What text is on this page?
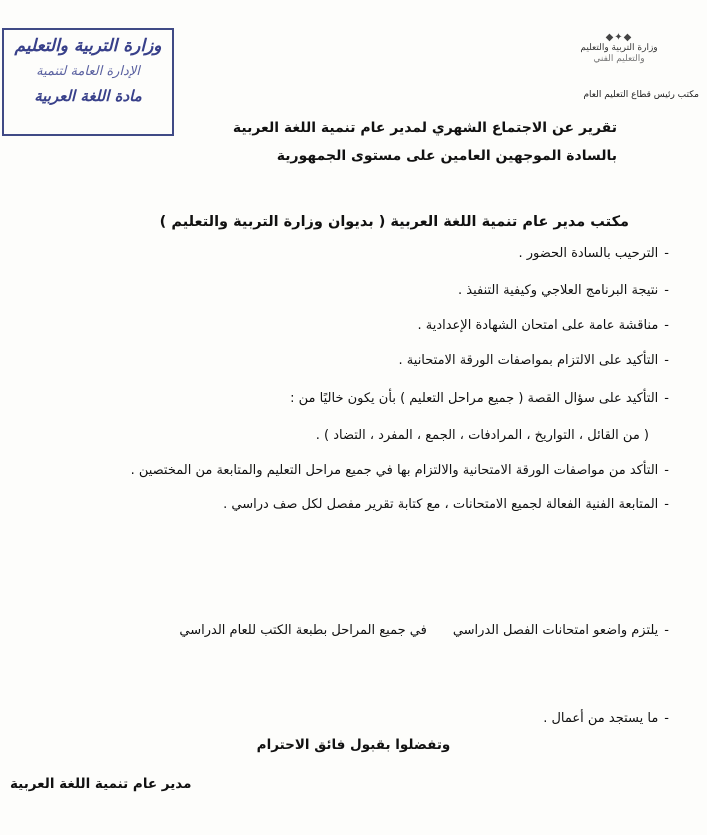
وزارة التربية والتعليم
الإدارة العامة لتنمية
مادة اللغة العربية
◆✦◆
وزارة التربية والتعليم
والتعليم الفني
مكتب رئيس قطاع التعليم العام
تقرير عن الاجتماع الشهري لمدير عام تنمية اللغة العربية
بالسادة الموجهين العامين على مستوى الجمهورية
مكتب مدير عام تنمية اللغة العربية ( بديوان وزارة التربية والتعليم )
-الترحيب بالسادة الحضور .
-نتيجة البرنامج العلاجي وكيفية التنفيذ .
-مناقشة عامة على امتحان الشهادة الإعدادية .
-التأكيد على الالتزام بمواصفات الورقة الامتحانية .
-التأكيد على سؤال القصة ( جميع مراحل التعليم ) بأن يكون خاليًا من :
( من القائل ، التواريخ ، المرادفات ، الجمع ، المفرد ، التضاد ) .
-التأكد من مواصفات الورقة الامتحانية والالتزام بها في جميع مراحل التعليم والمتابعة من المختصين .
-المتابعة الفنية الفعالة لجميع الامتحانات ، مع كتابة تقرير مفصل لكل صف دراسي .
-يلتزم واضعو امتحانات الفصل الدراسيفي جميع المراحل بطبعة الكتب للعام الدراسي
-ما يستجد من أعمال .
وتفضلوا بقبول فائق الاحترام
مدير عام تنمية اللغة العربية
